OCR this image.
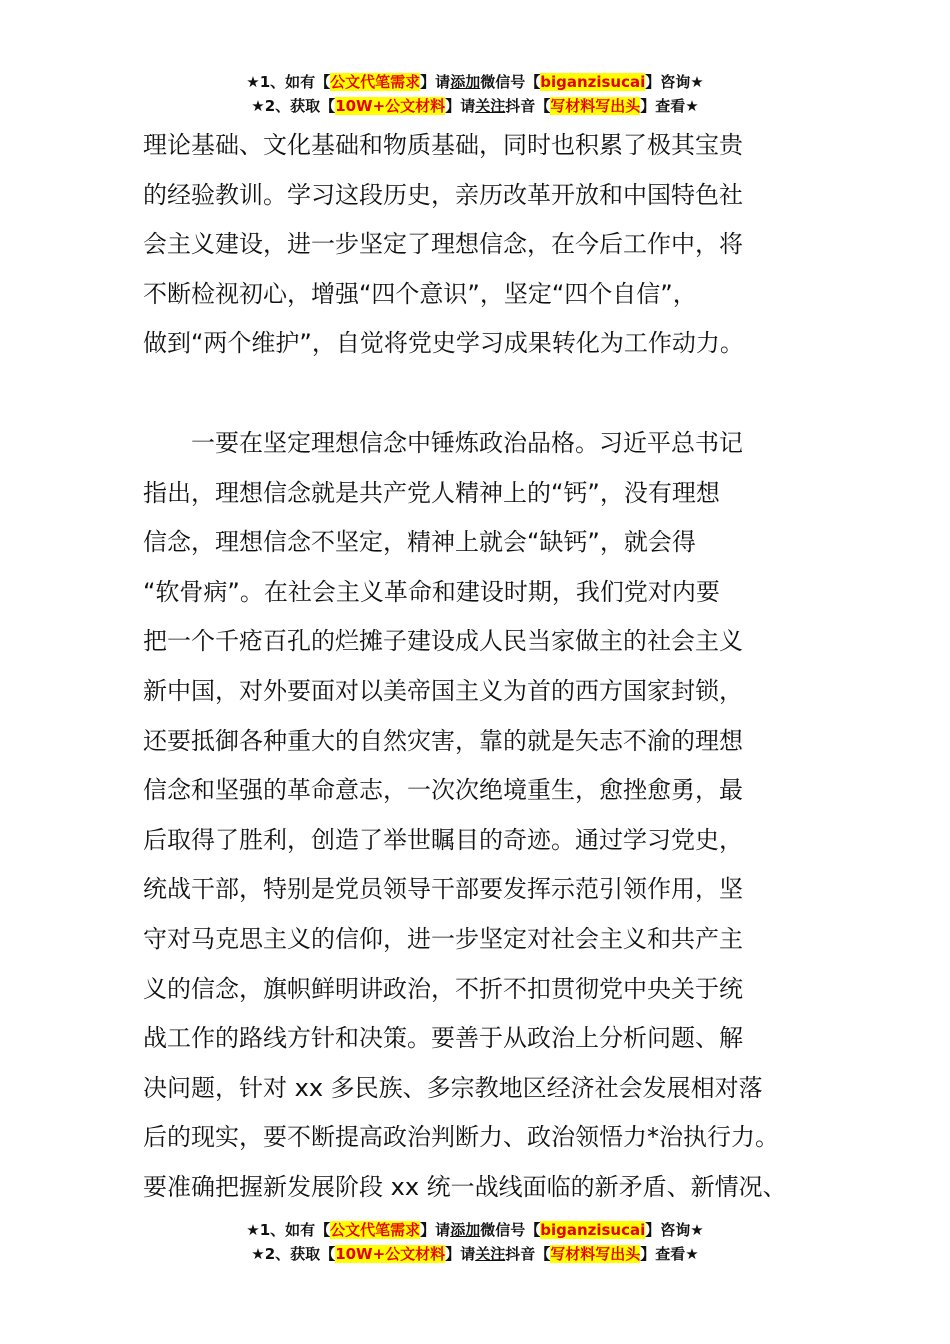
★1、如有【公文代笔需求】请添加微信号【biganzisucai】咨询★
★2、获取【10W+公文材料】请关注抖音【写材料写出头】查看★
理论基础、文化基础和物质基础，同时也积累了极其宝贵
的经验教训。学习这段历史，亲历改革开放和中国特色社
会主义建设，进一步坚定了理想信念，在今后工作中，将
不断检视初心，增强“四个意识”，坚定“四个自信”，
做到“两个维护”，自觉将党史学习成果转化为工作动力。
　　一要在坚定理想信念中锤炼政治品格。习近平总书记
指出，理想信念就是共产党人精神上的“钙”，没有理想
信念，理想信念不坚定，精神上就会“缺钙”，就会得
“软骨病”。在社会主义革命和建设时期，我们党对内要
把一个千疮百孔的烂摊子建设成人民当家做主的社会主义
新中国，对外要面对以美帝国主义为首的西方国家封锁，
还要抵御各种重大的自然灾害，靠的就是矢志不渝的理想
信念和坚强的革命意志，一次次绝境重生，愈挫愈勇，最
后取得了胜利，创造了举世瞩目的奇迹。通过学习党史，
统战干部，特别是党员领导干部要发挥示范引领作用，坚
守对马克思主义的信仰，进一步坚定对社会主义和共产主
义的信念，旗帜鲜明讲政治，不折不扣贯彻党中央关于统
战工作的路线方针和决策。要善于从政治上分析问题、解
决问题，针对 xx 多民族、多宗教地区经济社会发展相对落
后的现实，要不断提高政治判断力、政治领悟力*治执行力。
要准确把握新发展阶段 xx 统一战线面临的新矛盾、新情况、
★1、如有【公文代笔需求】请添加微信号【biganzisucai】咨询★
★2、获取【10W+公文材料】请关注抖音【写材料写出头】查看★
